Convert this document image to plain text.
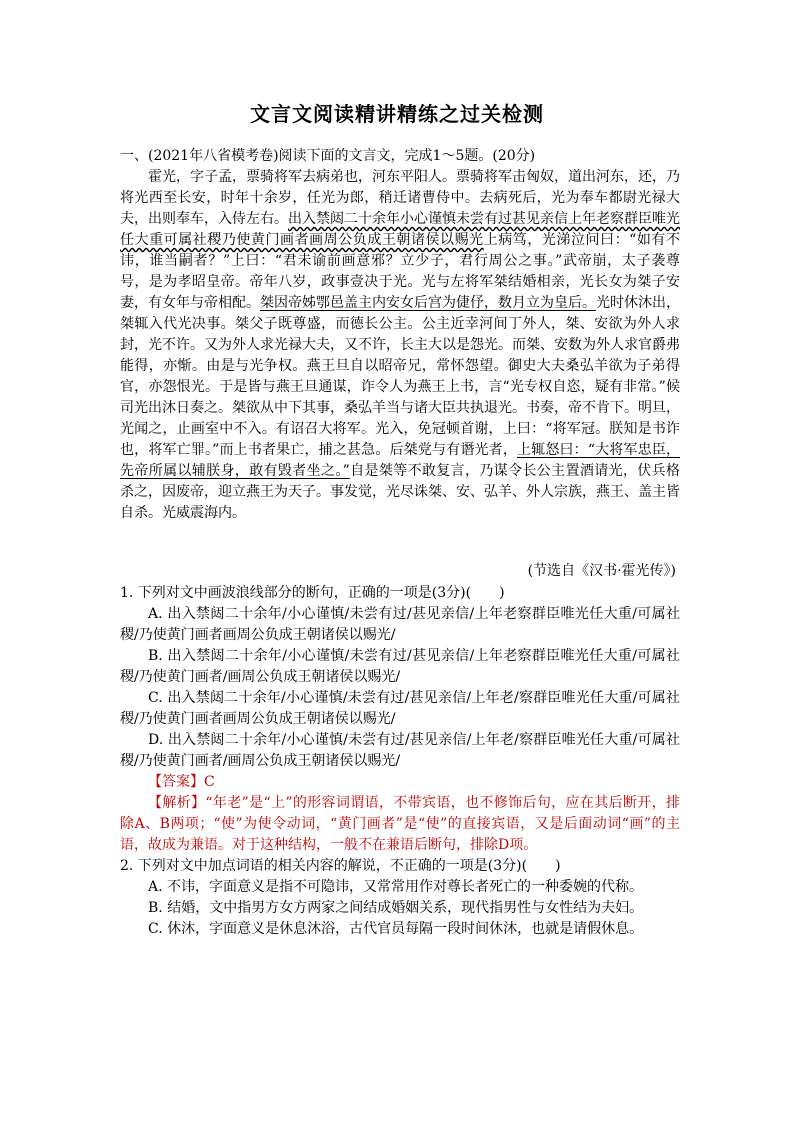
文言文阅读精讲精练之过关检测
一、(2021年八省模考卷)阅读下面的文言文，完成1～5题。(20分)

霍光，字子孟，票骑将军去病弟也，河东平阳人。票骑将军击匈奴，道出河东，还，乃将光西至长安，时年十余岁，任光为郎，稍迁诸曹侍中。去病死后，光为奉车都尉光禄大夫，出则奉车，入侍左右。出入禁闼二十余年小心谨慎未尝有过甚见亲信上年老察群臣唯光任大重可属社稷乃使黄门画者画周公负成王朝诸侯以赐光上病笃，光涕泣问曰：“如有不讳，谁当嗣者？”上曰：“君未谕前画意邪？立少子，君行周公之事。”武帝崩，太子袭尊号，是为孝昭皇帝。帝年八岁，政事壹决于光。光与左将军桀结婚相亲，光长女为桀子安妻，有女年与帝相配。桀因帝姊鄂邑盖主内安女后宫为倢伃，数月立为皇后。光时休沐出，桀辄入代光决事。桀父子既尊盛，而德长公主。公主近幸河间丁外人，桀、安欲为外人求封，光不许。又为外人求光禄大夫，又不许，长主大以是怨光。而桀、安数为外人求官爵弗能得，亦惭。由是与光争权。燕王旦自以昭帝兄，常怀怨望。御史大夫桑弘羊欲为子弟得官，亦怨恨光。于是皆与燕王旦通谋，诈令人为燕王上书，言“光专权自恣，疑有非常。”候司光出沐日奏之。桀欲从中下其事，桑弘羊当与诸大臣共执退光。书奏，帝不肯下。明旦，光闻之，止画室中不入。有诏召大将军。光入，免冠顿首谢，上曰：“将军冠。朕知是书诈也，将军亡罪。”而上书者果亡，捕之甚急。后桀党与有谮光者，上辄怒曰：“大将军忠臣，先帝所属以辅朕身，敢有毁者坐之。”自是桀等不敢复言，乃谋令长公主置酒请光，伏兵格杀之，因废帝，迎立燕王为天子。事发觉，光尽诛桀、安、弘羊、外人宗族，燕王、盖主皆自杀。光威震海内。

(节选自《汉书·霍光传》)
1. 下列对文中画波浪线部分的断句，正确的一项是(3分)(　　)

A. 出入禁闼二十余年/小心谨慎/未尝有过/甚见亲信/上年老察群臣唯光任大重/可属社稷/乃使黄门画者画周公负成王朝诸侯以赐光/

B. 出入禁闼二十余年/小心谨慎/未尝有过/甚见亲信/上年老察群臣唯光任大重/可属社稷/乃使黄门画者/画周公负成王朝诸侯以赐光/

C. 出入禁闼二十余年/小心谨慎/未尝有过/甚见亲信/上年老/察群臣唯光任大重/可属社稷/乃使黄门画者画周公负成王朝诸侯以赐光/

D. 出入禁闼二十余年/小心谨慎/未尝有过/甚见亲信/上年老/察群臣唯光任大重/可属社稷/乃使黄门画者/画周公负成王朝诸侯以赐光/

【答案】C

【解析】“年老”是“上”的形容词谓语，不带宾语，也不修饰后句，应在其后断开，排除A、B两项；“使”为使令动词，“黄门画者”是“使”的直接宾语，又是后面动词“画”的主语，故成为兼语。对于这种结构，一般不在兼语后断句，排除D项。

2. 下列对文中加点词语的相关内容的解说，不正确的一项是(3分)(　　)

A. 不讳，字面意义是指不可隐讳，又常常用作对尊长者死亡的一种委婉的代称。

B. 结婚，文中指男方女方两家之间结成婚姻关系，现代指男性与女性结为夫妇。

C. 休沐，字面意义是休息沐浴，古代官员每隔一段时间休沐，也就是请假休息。
